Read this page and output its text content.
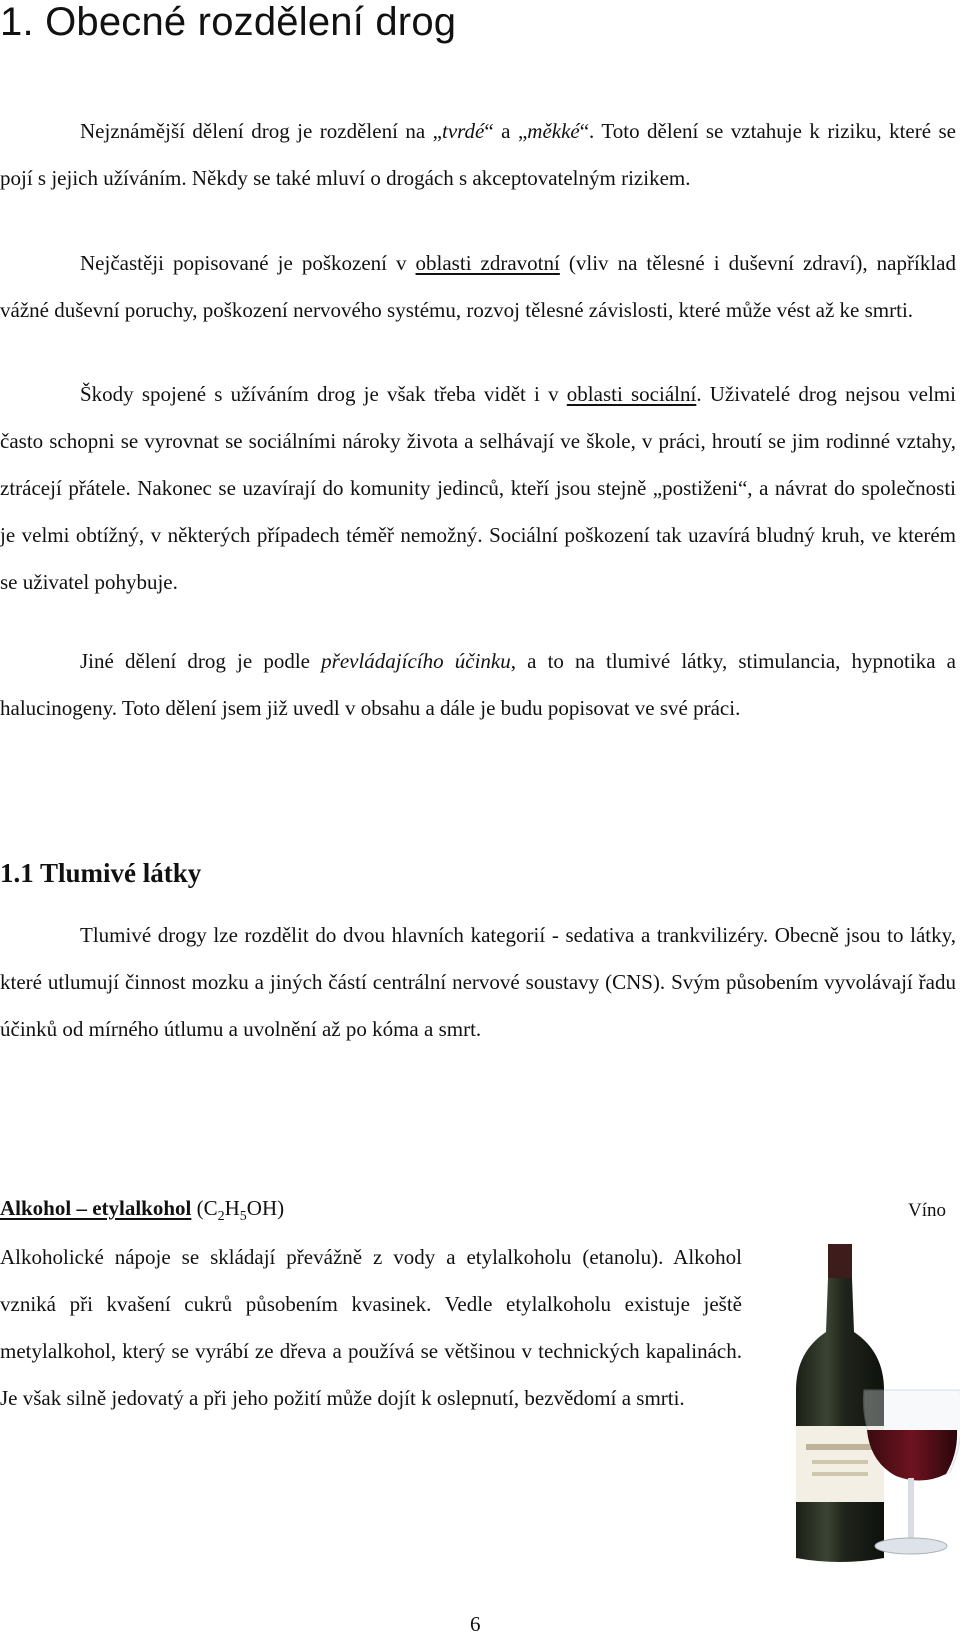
1. Obecné rozdělení drog

Nejznámější dělení drog je rozdělení na „tvrdé“ a „měkké“. Toto dělení se vztahuje k riziku, které se pojí s jejich užíváním. Někdy se také mluví o drogách s akceptovatelným rizikem.

Nejčastěji popisované je poškození v oblasti zdravotní (vliv na tělesné i duševní zdraví), například vážné duševní poruchy, poškození nervového systému, rozvoj tělesné závislosti, které může vést až ke smrti.

Škody spojené s užíváním drog je však třeba vidět i v oblasti sociální. Uživatelé drog nejsou velmi často schopni se vyrovnat se sociálními nároky života a selhávají ve škole, v práci, hroutí se jim rodinné vztahy, ztrácejí přátele. Nakonec se uzavírají do komunity jedinců, kteří jsou stejně „postiženi“, a návrat do společnosti je velmi obtížný, v některých případech téměř nemožný. Sociální poškození tak uzavírá bludný kruh, ve kterém se uživatel pohybuje.

Jiné dělení drog je podle převládajícího účinku, a to na tlumivé látky, stimulancia, hypnotika a halucinogeny. Toto dělení jsem již uvedl v obsahu a dále je budu popisovat ve své práci.

1.1 Tlumivé látky

Tlumivé drogy lze rozdělit do dvou hlavních kategorií - sedativa a trankvilizéry. Obecně jsou to látky, které utlumují činnost mozku a jiných částí centrální nervové soustavy (CNS). Svým působením vyvolávají řadu účinků od mírného útlumu a uvolnění až po kóma a smrt.

Alkohol – etylalkohol $(C_2H_5OH)$	Víno

Alkoholické nápoje se skládají převážně z vody a etylalkoholu (etanolu). Alkohol vzniká při kvašení cukrů působením kvasinek. Vedle etylalkoholu existuje ještě metylalkohol, který se vyrábí ze dřeva a používá se většinou v technických kapalinách. Je však silně jedovatý a při jeho požití může dojít k oslepnutí, bezvědomí a smrti.

6
